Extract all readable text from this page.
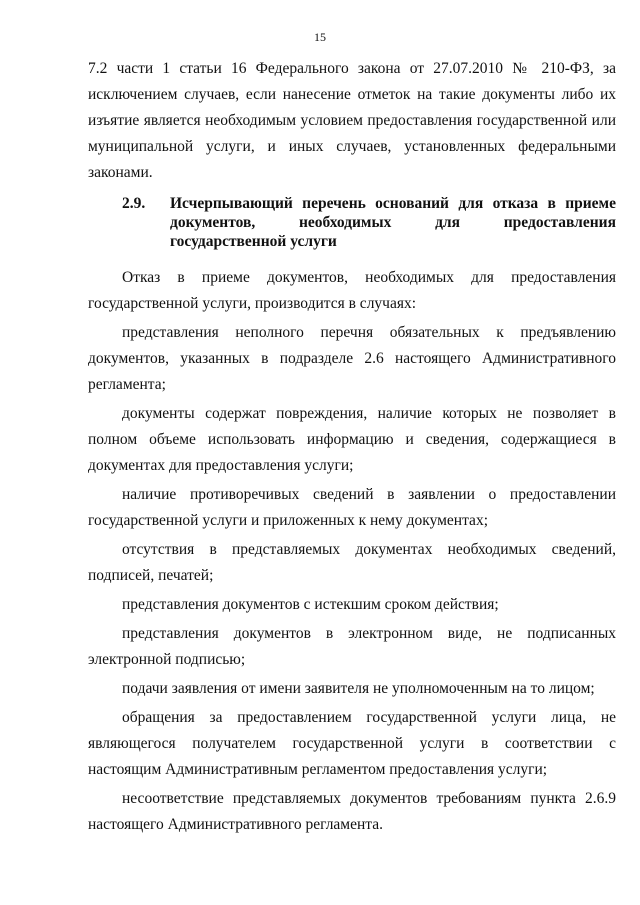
15

7.2 части 1 статьи 16 Федерального закона от 27.07.2010 № 210-ФЗ, за исключением случаев, если нанесение отметок на такие документы либо их изъятие является необходимым условием предоставления государственной или муниципальной услуги, и иных случаев, установленных федеральными законами.

2.9.	Исчерпывающий перечень оснований для отказа в приеме документов, необходимых для предоставления государственной услуги

Отказ в приеме документов, необходимых для предоставления государственной услуги, производится в случаях:

представления неполного перечня обязательных к предъявлению документов, указанных в подразделе 2.6 настоящего Административного регламента;

документы содержат повреждения, наличие которых не позволяет в полном объеме использовать информацию и сведения, содержащиеся в документах для предоставления услуги;

наличие противоречивых сведений в заявлении о предоставлении государственной услуги и приложенных к нему документах;

отсутствия в представляемых документах необходимых сведений, подписей, печатей;

представления документов с истекшим сроком действия;

представления документов в электронном виде, не подписанных электронной подписью;

подачи заявления от имени заявителя не уполномоченным на то лицом;

обращения за предоставлением государственной услуги лица, не являющегося получателем государственной услуги в соответствии с настоящим Административным регламентом предоставления услуги;

несоответствие представляемых документов требованиям пункта 2.6.9 настоящего Административного регламента.
